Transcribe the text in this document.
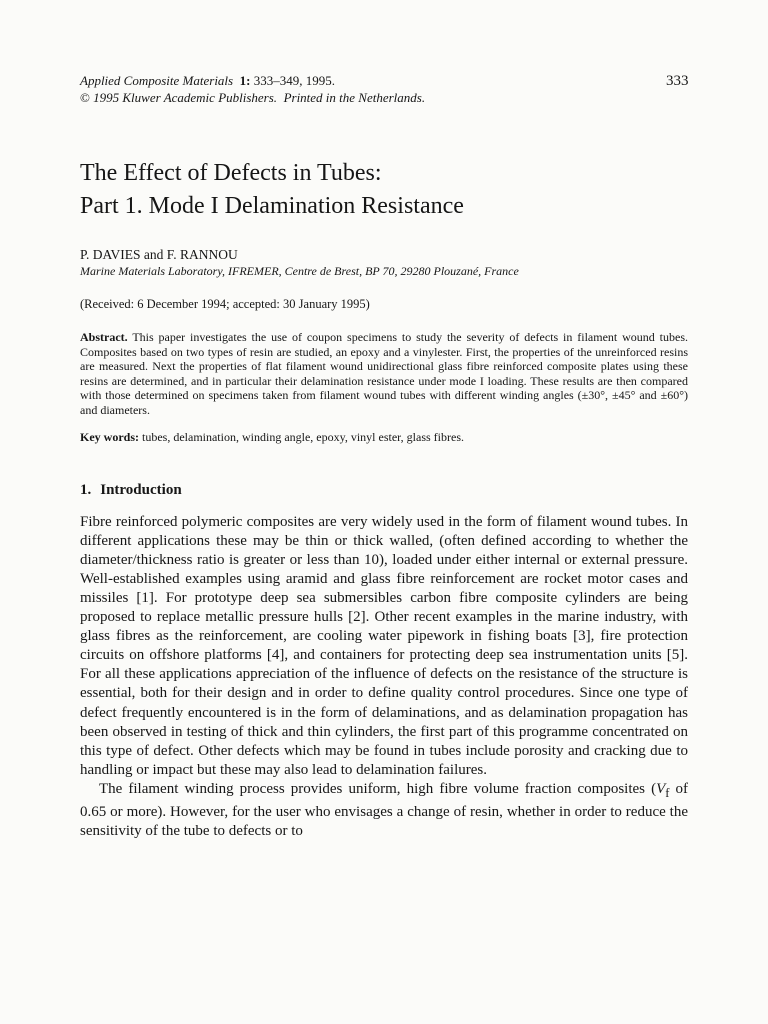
333
Applied Composite Materials 1: 333–349, 1995.
© 1995 Kluwer Academic Publishers. Printed in the Netherlands.
The Effect of Defects in Tubes:
Part 1. Mode I Delamination Resistance
P. DAVIES and F. RANNOU
Marine Materials Laboratory, IFREMER, Centre de Brest, BP 70, 29280 Plouzané, France
(Received: 6 December 1994; accepted: 30 January 1995)
Abstract. This paper investigates the use of coupon specimens to study the severity of defects in filament wound tubes. Composites based on two types of resin are studied, an epoxy and a vinylester. First, the properties of the unreinforced resins are measured. Next the properties of flat filament wound unidirectional glass fibre reinforced composite plates using these resins are determined, and in particular their delamination resistance under mode I loading. These results are then compared with those determined on specimens taken from filament wound tubes with different winding angles (±30°, ±45° and ±60°) and diameters.
Key words: tubes, delamination, winding angle, epoxy, vinyl ester, glass fibres.
1. Introduction

Fibre reinforced polymeric composites are very widely used in the form of filament wound tubes. In different applications these may be thin or thick walled, (often defined according to whether the diameter/thickness ratio is greater or less than 10), loaded under either internal or external pressure. Well-established examples using aramid and glass fibre reinforcement are rocket motor cases and missiles [1]. For prototype deep sea submersibles carbon fibre composite cylinders are being proposed to replace metallic pressure hulls [2]. Other recent examples in the marine industry, with glass fibres as the reinforcement, are cooling water pipework in fishing boats [3], fire protection circuits on offshore platforms [4], and containers for protecting deep sea instrumentation units [5]. For all these applications appreciation of the influence of defects on the resistance of the structure is essential, both for their design and in order to define quality control procedures. Since one type of defect frequently encountered is in the form of delaminations, and as delamination propagation has been observed in testing of thick and thin cylinders, the first part of this programme concentrated on this type of defect. Other defects which may be found in tubes include porosity and cracking due to handling or impact but these may also lead to delamination failures.

The filament winding process provides uniform, high fibre volume fraction composites ($V_f$ of 0.65 or more). However, for the user who envisages a change of resin, whether in order to reduce the sensitivity of the tube to defects or to
